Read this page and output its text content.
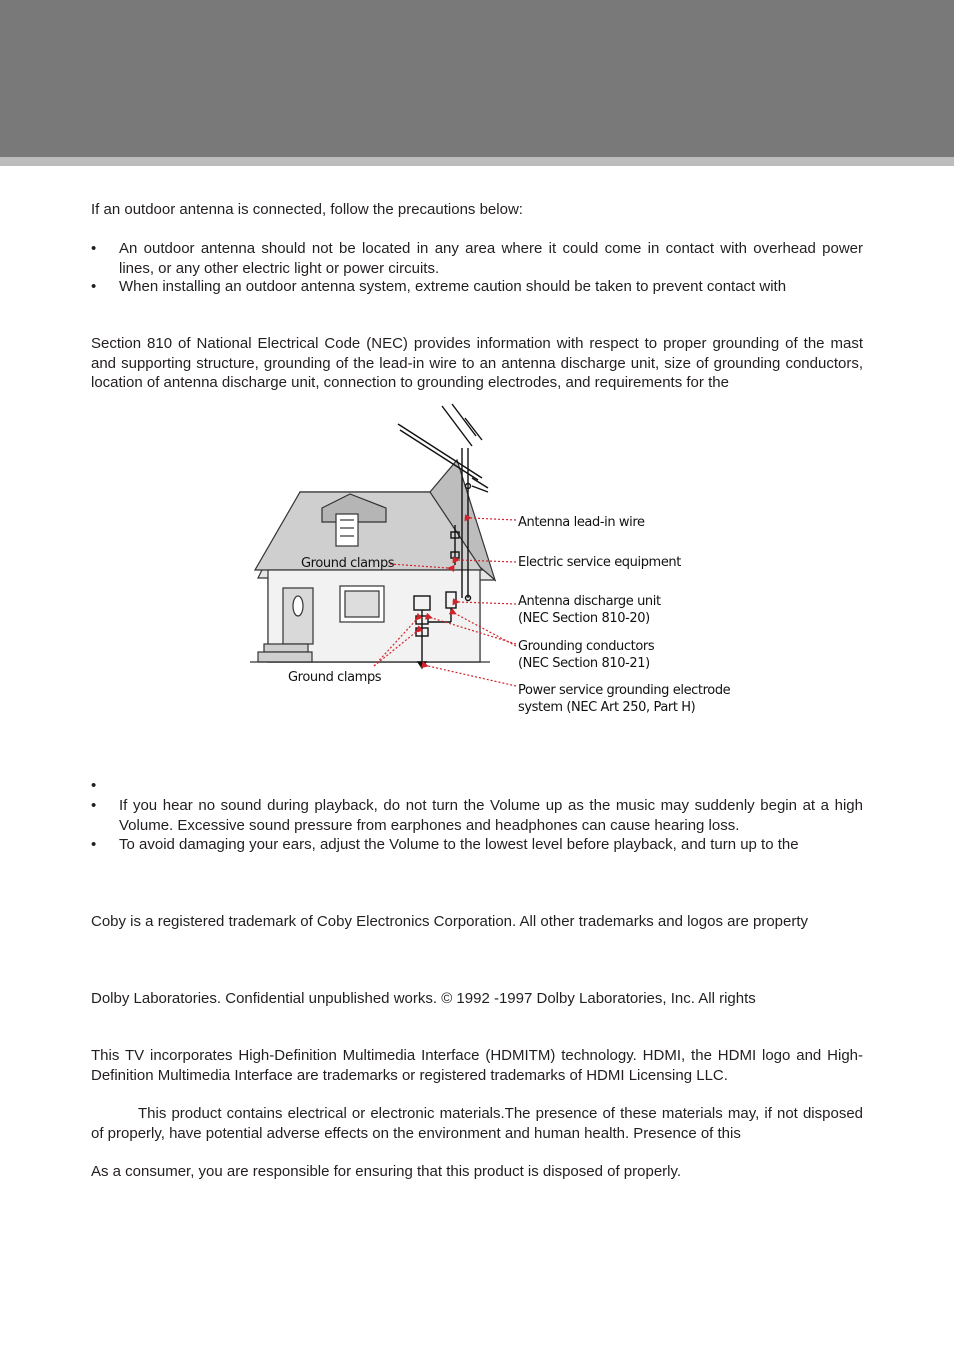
If an outdoor antenna is connected, follow the precautions below:

•	An outdoor antenna should not be located in any area where it could come in contact with overhead power lines, or any other electric light or power circuits.
•	When installing an outdoor antenna system, extreme caution should be taken to prevent contact with

Section 810 of National Electrical Code (NEC) provides information with respect to proper grounding of the mast and supporting structure, grounding of the lead-in wire to an antenna discharge unit, size of grounding conductors, location of antenna discharge unit, connection to grounding electrodes, and requirements for the

Antenna lead-in wire
Electric service equipment
Antenna discharge unit
(NEC Section 810-20)
Grounding conductors
(NEC Section 810-21)
Power service grounding electrode
system (NEC Art 250, Part H)
Ground clamps
Ground clamps
•
•	If you hear no sound during playback, do not turn the Volume up as the music may suddenly begin at a high Volume. Excessive sound pressure from earphones and headphones can cause hearing loss.
•	To avoid damaging your ears, adjust the Volume to the lowest level before playback, and turn up to the

Coby is a registered trademark of Coby Electronics Corporation. All other trademarks and logos are property

Dolby Laboratories. Confidential unpublished works. © 1992 -1997 Dolby Laboratories, Inc. All rights

This TV incorporates High-Definition Multimedia Interface (HDMITM) technology. HDMI, the HDMI logo and High-Definition Multimedia Interface are trademarks or registered trademarks of HDMI Licensing LLC.

This product contains electrical or electronic materials.The presence of these materials may, if not disposed of properly, have potential adverse effects on the environment and human health. Presence of this

As a consumer, you are responsible for ensuring that this product is disposed of properly.
